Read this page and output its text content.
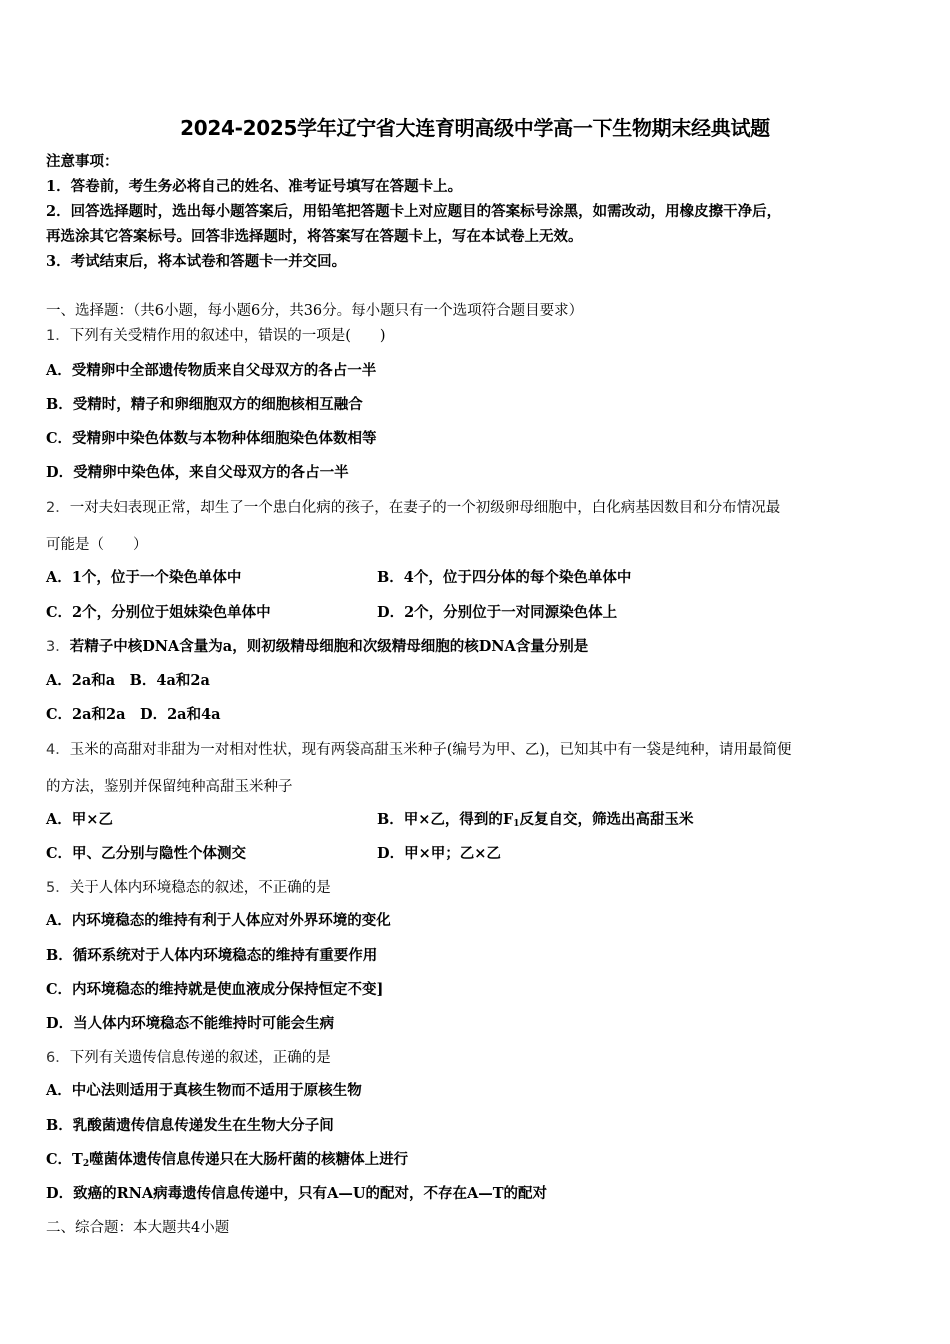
2024-2025学年辽宁省大连育明高级中学高一下生物期末经典试题
注意事项：
1．答卷前，考生务必将自己的姓名、准考证号填写在答题卡上。
2．回答选择题时，选出每小题答案后，用铅笔把答题卡上对应题目的答案标号涂黑，如需改动，用橡皮擦干净后，
再选涂其它答案标号。回答非选择题时，将答案写在答题卡上，写在本试卷上无效。
3．考试结束后，将本试卷和答题卡一并交回。
一、选择题：（共6小题，每小题6分，共36分。每小题只有一个选项符合题目要求）
1．下列有关受精作用的叙述中，错误的一项是(　　)
A．受精卵中全部遗传物质来自父母双方的各占一半
B．受精时，精子和卵细胞双方的细胞核相互融合
C．受精卵中染色体数与本物种体细胞染色体数相等
D．受精卵中染色体，来自父母双方的各占一半
2．一对夫妇表现正常，却生了一个患白化病的孩子，在妻子的一个初级卵母细胞中，白化病基因数目和分布情况最
可能是（　　）
A．1个，位于一个染色单体中	B．4个，位于四分体的每个染色单体中
C．2个，分别位于姐妹染色单体中	D．2个，分别位于一对同源染色体上
3．若精子中核DNA含量为a，则初级精母细胞和次级精母细胞的核DNA含量分别是
A．2a和a　B．4a和2a
C．2a和2a　D．2a和4a
4．玉米的高甜对非甜为一对相对性状，现有两袋高甜玉米种子(编号为甲、乙)，已知其中有一袋是纯种，请用最简便
的方法，鉴别并保留纯种高甜玉米种子
A．甲×乙	B．甲×乙，得到的$F_1$反复自交，筛选出高甜玉米
C．甲、乙分别与隐性个体测交	D．甲×甲；乙×乙
5．关于人体内环境稳态的叙述，不正确的是
A．内环境稳态的维持有利于人体应对外界环境的变化
B．循环系统对于人体内环境稳态的维持有重要作用
C．内环境稳态的维持就是使血液成分保持恒定不变]
D．当人体内环境稳态不能维持时可能会生病
6．下列有关遗传信息传递的叙述，正确的是
A．中心法则适用于真核生物而不适用于原核生物
B．乳酸菌遗传信息传递发生在生物大分子间
C．$T_2$噬菌体遗传信息传递只在大肠杆菌的核糖体上进行
D．致癌的RNA病毒遗传信息传递中，只有A—U的配对，不存在A—T的配对
二、综合题：本大题共4小题
